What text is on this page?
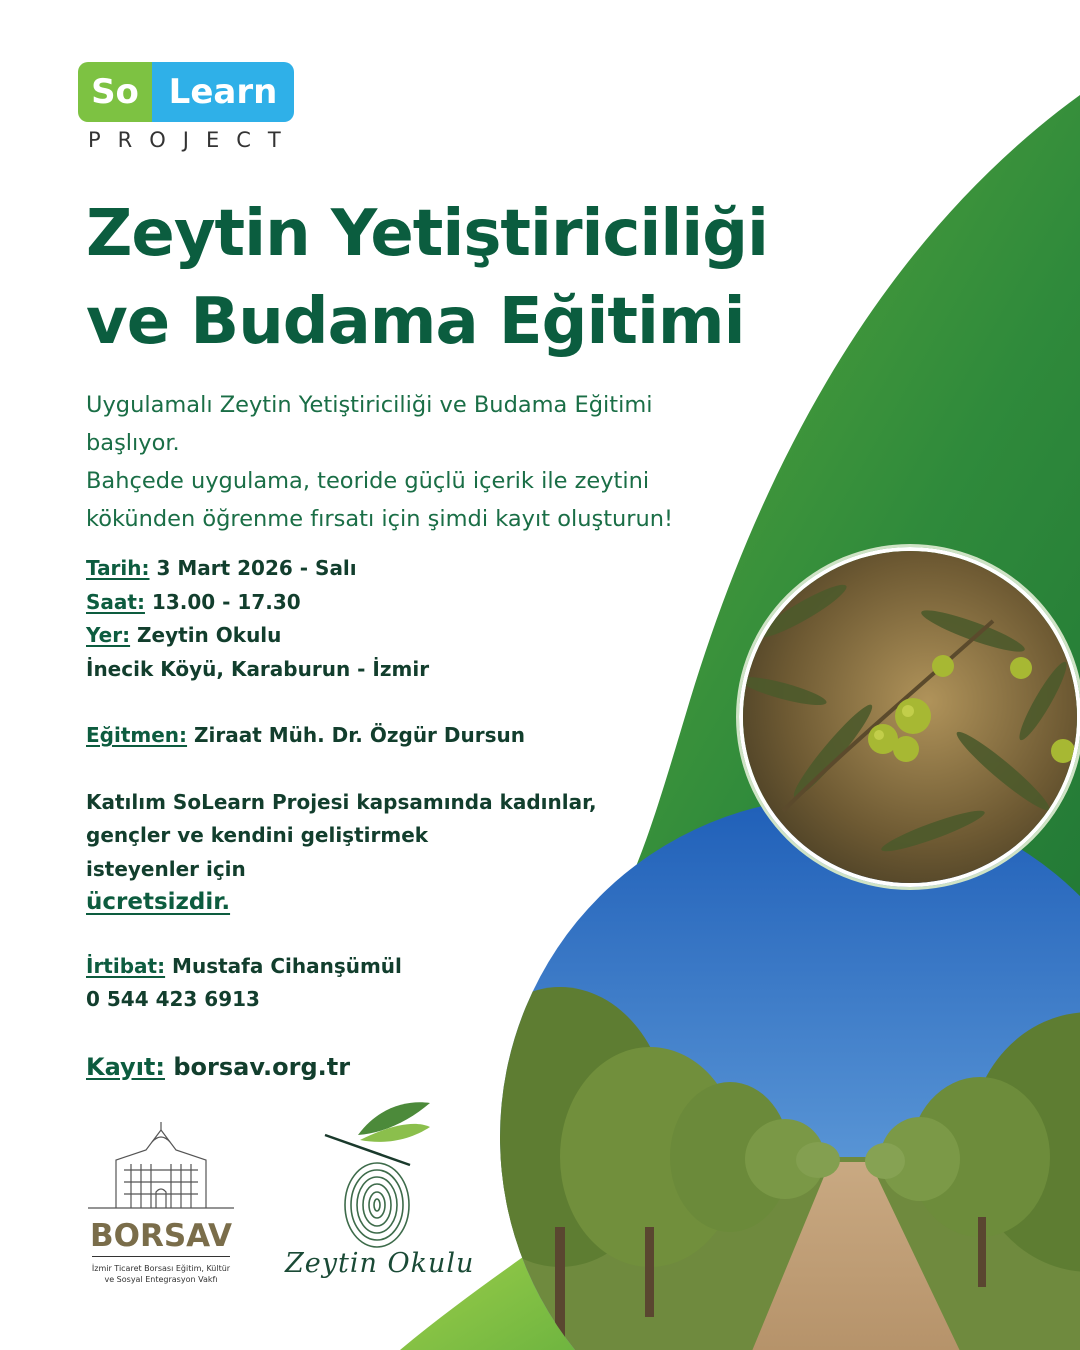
So Learn
PROJECT
Zeytin Yetiştiriciliği
ve Budama Eğitimi
Uygulamalı Zeytin Yetiştiriciliği ve Budama Eğitimi
başlıyor.
Bahçede uygulama, teoride güçlü içerik ile zeytini
kökünden öğrenme fırsatı için şimdi kayıt oluşturun!
Tarih: 3 Mart 2026 - Salı
Saat: 13.00 - 17.30
Yer: Zeytin Okulu
İnecik Köyü, Karaburun - İzmir
Eğitmen: Ziraat Müh. Dr. Özgür Dursun
Katılım SoLearn Projesi kapsamında kadınlar,
gençler ve kendini geliştirmek
isteyenler için
ücretsizdir.
İrtibat: Mustafa Cihanşümül
0 544 423 6913
Kayıt: borsav.org.tr
BORSAV
İzmir Ticaret Borsası Eğitim, Kültür
ve Sosyal Entegrasyon Vakfı
Zeytin Okulu
